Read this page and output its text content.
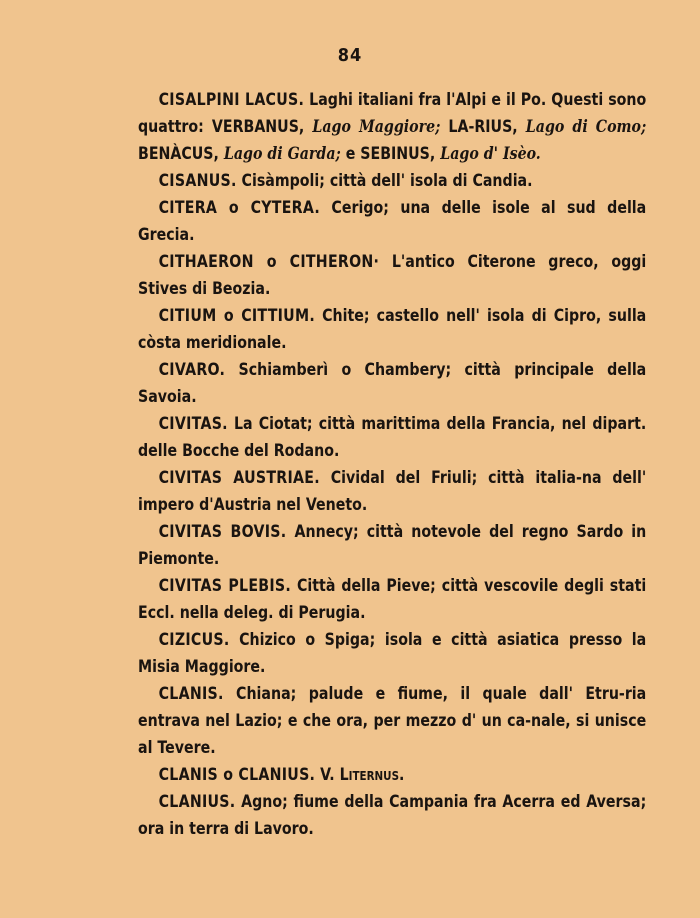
84

CISALPINI LACUS. Laghi italiani fra l'Alpi e il Po. Questi sono quattro: VERBANUS, Lago Maggiore; LA-RIUS, Lago di Como; BENÀCUS, Lago di Garda; e SEBINUS, Lago d' Isèo.

CISANUS. Cisàmpoli; città dell' isola di Candia.

CITERA o CYTERA. Cerigo; una delle isole al sud della Grecia.

CITHAERON o CITHERON· L'antico Citerone greco, oggi Stives di Beozia.

CITIUM o CITTIUM. Chite; castello nell' isola di Cipro, sulla còsta meridionale.

CIVARO. Schiamberì o Chambery; città principale della Savoia.

CIVITAS. La Ciotat; città marittima della Francia, nel dipart. delle Bocche del Rodano.

CIVITAS AUSTRIAE. Cividal del Friuli; città italia-na dell' impero d'Austria nel Veneto.

CIVITAS BOVIS. Annecy; città notevole del regno Sardo in Piemonte.

CIVITAS PLEBIS. Città della Pieve; città vescovile degli stati Eccl. nella deleg. di Perugia.

CIZICUS. Chizico o Spiga; isola e città asiatica presso la Misia Maggiore.

CLANIS. Chiana; palude e fiume, il quale dall' Etru-ria entrava nel Lazio; e che ora, per mezzo d' un ca-nale, si unisce al Tevere.

CLANIS o CLANIUS. V. Liternus.

CLANIUS. Agno; fiume della Campania fra Acerra ed Aversa; ora in terra di Lavoro.
